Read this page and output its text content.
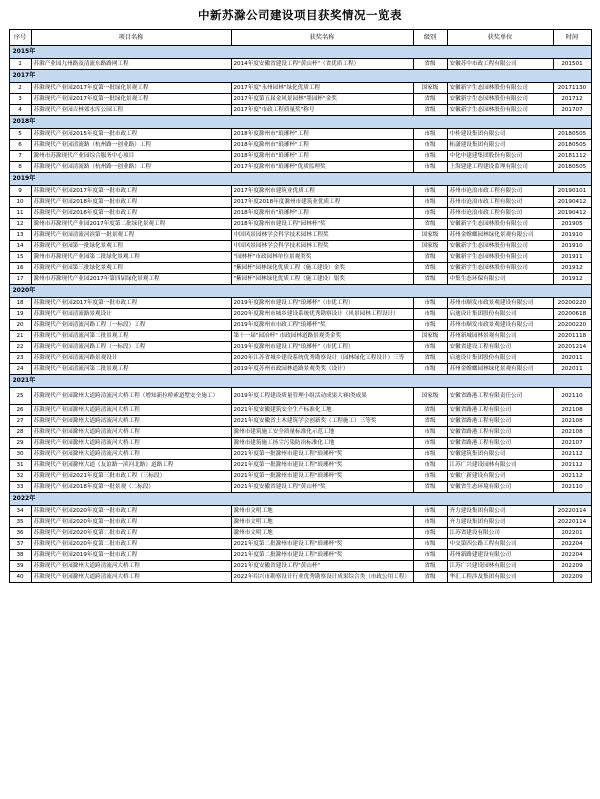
中新苏滁公司建设项目获奖情况一览表
序号	项目名称	获奖名称	级别	获奖单位	时间
2015年					
1	苏滁产业园九州路及清流东路路网工程	2014年度安徽省建设工程"黄山杯"（省优质工程）	省级	安徽苏中市政工程有限公司	201501
2017年					
2	苏滁现代产业园2017年度第一批绿化景观工程	2017年度"永州园林"绿化优质工程	国家级	安徽新宇生态园林股份有限公司	20171130
3	苏滁现代产业园2017年度第一批绿化景观工程	2017年度第五届金风景园林"墨园杯"金奖	省级	安徽新宇生态园林股份有限公司	201712
4	苏滁现代产业园吉林郊水库公园工程	2017年度"市政工程质量奖"称号	省级	安徽新宇生态园林股份有限公司	201707
2018年					
5	苏滁现代产业园2015年度第一批市政工程	2018年度滁州市"琅琊杯"工程	市级	中桂建设集团有限公司	20180505
6	苏滁现代产业园清流路（杭州路一创业路）工程	2018年度滁州市"琅琊杯"工程	市级	柘潇建设集团有限公司	20180505
7	滁州市苏滁现代产业园综合服务中心项目	2018年度滁州市"琅琊杯"工程	市级	中化中建建集团股份有限公司	20181112
8	苏滁现代产业园清流路（杭州路一创业路）工程	2017年度滁州市"琅琊杯"优质监理奖	市级	上海建建工程建设监理有限公司	20180505
2019年					
9	苏滁现代产业园2017年度第一批市政工程	2017年度滁州市建筑业优质工程	市级	苏州市沧浪市政工程有限公司	20190101
10	苏滁现代产业园2018年度第一批市政工程	2017年度2018年度滁州市建筑业优质工程	市级	苏州市沧浪市政工程有限公司	20190412
11	苏滁现代产业园2016年度第一批市政工程	2018年度滁州市"琅琊杯"工程	市级	苏州市沧浪市政工程有限公司	20190412
12	滁州市苏滁现代产业园2017年度第二批绿化景观工程	2018年度滁州市建设工程"园林杯"奖	省级	安徽新宇生态园林股份有限公司	201905
13	苏滁现代产业园清流河滨第一批景观工程	中国风景园林学会科学技术园林工程奖	国家级	苏州金螳螂园林绿化景观有限公司	201910
14	苏滁现代产业园第一批绿化景观工程	中国风景园林学会科学技术园林工程奖	国家级	安徽新宇生态园林股份有限公司	201910
15	滁州市苏滁现代产业园第二批绿化景观工程	"园林杯"市政园林单位景观类奖	省级	安徽新宇生态园林股份有限公司	201911
16	苏滁现代产业园第三批绿化景观工程	"紫园杯"园林绿化优质工程（施工建设）金奖	省级	安徽新宇生态园林股份有限公司	201912
17	滁州市苏滁现代产业园2017年第四届绿化景观工程	"紫园杯"园林绿化优质工程（施工建设）银奖	省级	中集生态环保有限公司	201912
2020年					
18	苏滁现代产业园2017年度第一批市政工程	2019年度滁州市建设工程"琅琊杯"（市优工程）	市级	苏州市顺发市政景观建设有限公司	20200220
19	苏滁现代产业园清流路景观设计	2020年度滁州市城乡建设系统优秀勘察设计（风景园林工程设计）	市级	启迪设计集团股份有限公司	20200618
20	苏滁现代产业园清流河路工程（一标段）工程	2019年度滁州市市政工程"琅琊杯"奖	市级	苏州市顺发市政景观建设有限公司	20200220
21	苏滁现代产业园清流河第二批景观工程	第十一届"园冶杯" 市政园林道路景观类金奖	国家级	苏州新城园林景观有限公司	20201118
22	苏滁现代产业园清流河路工程（一标段）工程	2019年度滁州市建设工程"琅琊杯"（市优工程）	市级	安徽省建设工程有限公司	20201214
23	苏滁现代产业园清流河路景观设计	2020年江苏省城乡建设系统优秀勘察设计（园林绿化工程设计）三等	省级	启迪设计集团股份有限公司	202011
24	苏滁现代产业园清流河第二批景观工程	2019年度苏州市政园林道路景观类奖（设计）	市级	苏州金螳螂园林绿化景观有限公司	202011
2021年					
25	苏滁现代产业园滁州大道跨清流河大桥工程（增知新拉桥索道墅安全施工）	2019年度工程建设质量管理小组活动成果大赛I类成果	国家级	安徽省路港工程有限责任公司	202110
26	苏滁现代产业园滁州大道跨清流河大桥工程	2021年度安徽建筑安全生产标准化工地	省级	安徽省路港工程有限公司	202108
27	苏滁现代产业园滁州大道跨清流河大桥工程	2021年度安徽省土木建筑学会创新奖（工程施工）三等奖	省级	安徽省路港工程有限公司	202108
28	苏滁现代产业园滁州大道跨清流河大桥工程	滁州市建筑施工安全质量标准化示范工地	市级	安徽省路港工程有限公司	202108
29	苏滁现代产业园滁州大道跨清流河大桥工程	滁州市建筑施工扬尘污染防治标准化工地	市级	安徽省路港工程有限公司	202107
30	苏滁现代产业园滁州大道跨清流河大桥工程	2021年度第一批滁州市建设工程"琅琊杯"奖	市级	安徽建筑集团有限公司	202112
31	苏滁现代产业园滁州大道（友谊路一滨河北路）道路工程	2021年度第一批滁州市建设工程"琅琊杯"奖	市级	江苏广兴建设园林有限公司	202112
32	苏滁现代产业园2021年度第三批市政工程（三标段）	2021年度第一批滁州市建设工程"琅琊杯"奖	市级	安徽广新建设有限公司	202112
33	苏滁现代产业园2018年度第一批景观（二标段）	2021年度安徽省建设工程"黄山杯"奖	省级	安徽省生态环境有限公司	202110
2022年					
34	苏滁现代产业园2020年度第一批市政工程	滁州市文明工地	市级	齐力建设集团有限公司	20220114
35	苏滁现代产业园2020年度第一批市政工程	滁州市文明工地	市级	齐力建设集团有限公司	20220114
36	苏滁现代产业园2020年度第二批市政工程	滁州市文明工地	市级	江苏省建设有限公司	202201
37	苏滁现代产业园2020年度第二批市政工程	2021年度第二批滁州市建设工程"琅琊杯"奖	市级	中交第四公路工程有限公司	202204
38	苏滁现代产业园2019年度第一批市政工程	2021年度第二批滁州市建设工程"琅琊杯"奖	市级	苏州新路建建设有限公司	202204
39	苏滁现代产业园滁州大道跨清流河大桥工程	2021年度安徽省建设工程"黄山杯"	省级	江苏广兴建设园林有限公司	202209
40	苏滁现代产业园滁州大道跨清流河大桥工程	2022年绍兴市勘察设计行业优秀勘察设计成果综合类（市政公用工程）	省级	华汇工程涉及集团有限公司	202209
